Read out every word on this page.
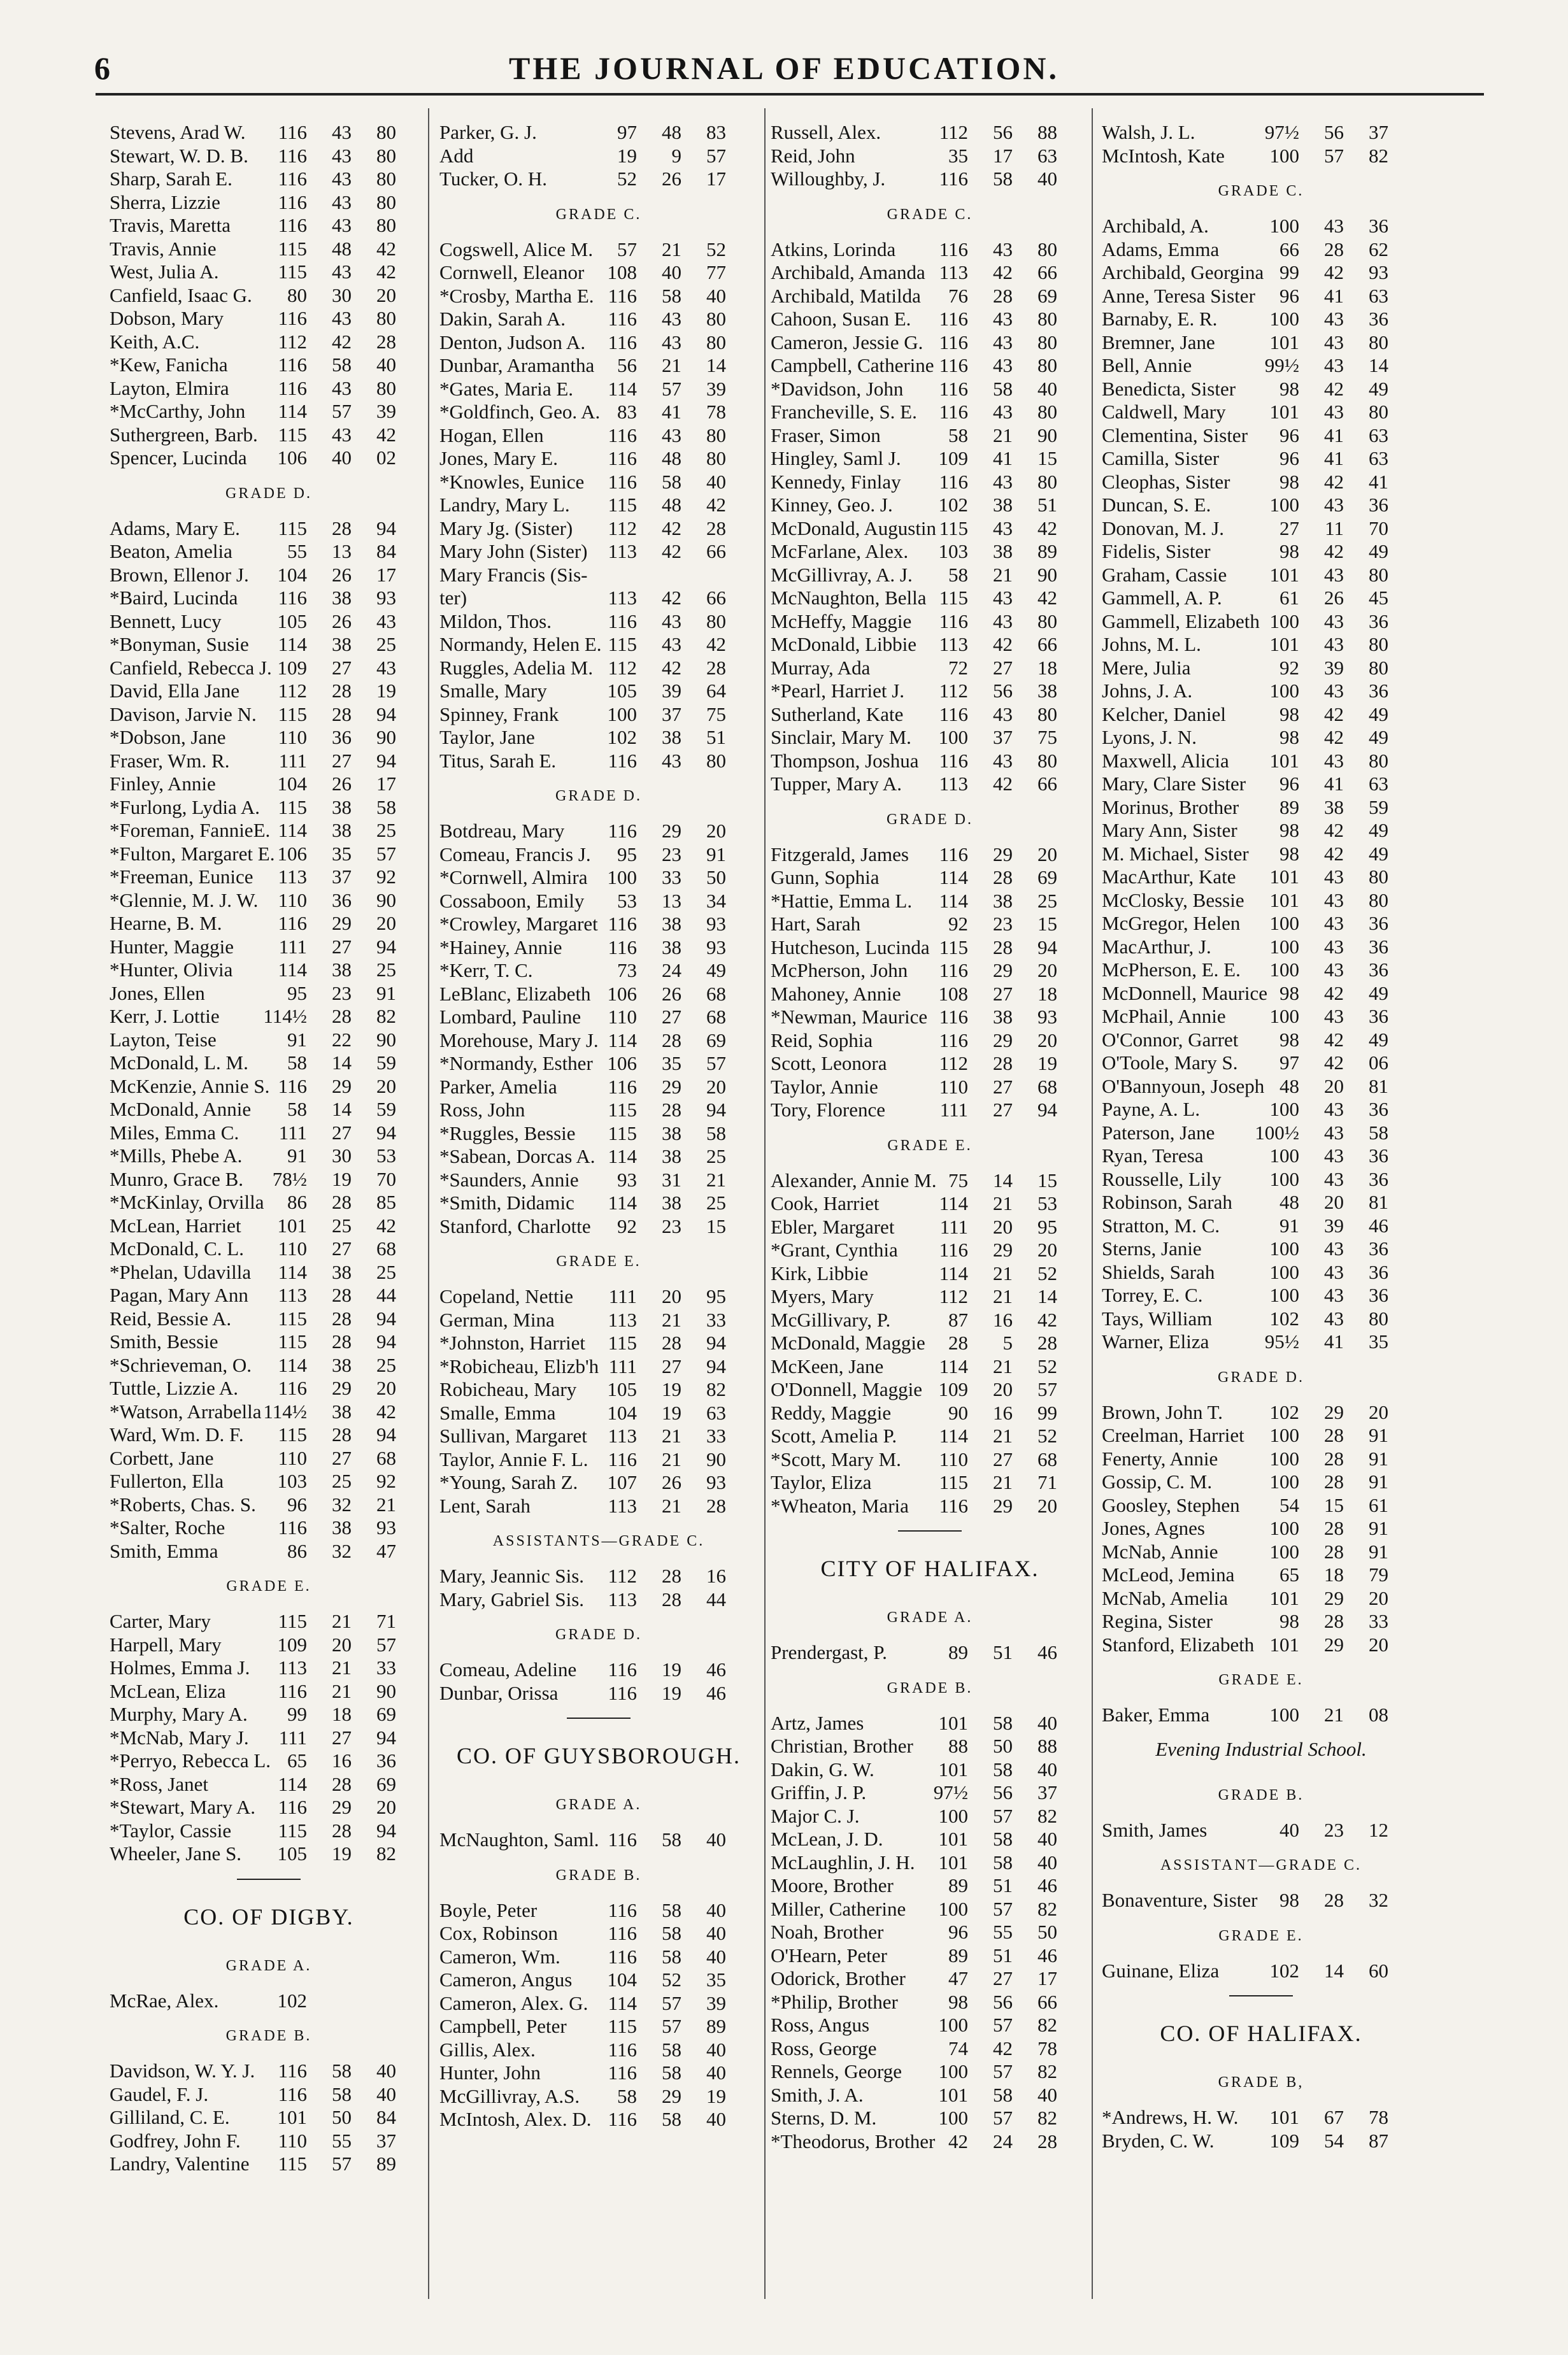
6	THE JOURNAL OF EDUCATION.
Stevens, Arad W. 116 43 80
Stewart, W. D. B. 116 43 80
Sharp, Sarah E. 116 43 80
Sherra, Lizzie	116 43 80
Travis, Maretta 116 43 80
Travis, Annie	115 48 42
West, Julia A.	115 43 42
Canfield, Isaac G. 80 30 20
Dobson, Mary	116 43 80
Keith, A.C.	112 42 28
*Kew, Fanicha	116 58 40
Layton, Elmira 116 43 80
*McCarthy, John 114 57 39
Suthergreen, Barb. 115 43 42
Spencer, Lucinda 106 40 02
GRADE D.
Adams, Mary E. 115 28 94
Beaton, Amelia	55 13 84
Brown, Ellenor J. 104 26 17
*Baird, Lucinda 116 38 93
Bennett, Lucy	105 26 43
*Bonyman, Susie 114 38 25
Canfield, Rebecca J. 109 27 43
David, Ella Jane 112 28 19
Davison, Jarvie N. 115 28 94
*Dobson, Jane	110 36 90
Fraser, Wm. R. 111 27 94
Finley, Annie	104 26 17
*Furlong, Lydia A. 115 38 58
*Foreman, FannieE. 114 38 25
*Fulton, Margaret E. 106 35 57
*Freeman, Eunice 113 37 92
*Glennie, M. J. W. 110 36 90
Hearne, B. M.	116 29 20
Hunter, Maggie 111 27 94
*Hunter, Olivia 114 38 25
Jones, Ellen	95 23 91
Kerr, J. Lottie 114½ 28 82
Layton, Teise	91 22 90
McDonald, L. M. 58 14 59
McKenzie, Annie S. 116 29 20
McDonald, Annie 58 14 59
Miles, Emma C. 111 27 94
*Mills, Phebe A. 91 30 53
Munro, Grace B. 78½ 19 70
*McKinlay, Orvilla 86 28 85
McLean, Harriet 101 25 42
McDonald, C. L. 110 27 68
*Phelan, Udavilla 114 38 25
Pagan, Mary Ann 113 28 44
Reid, Bessie A. 115 28 94
Smith, Bessie	115 28 94
*Schrieveman, O. 114 38 25
Tuttle, Lizzie A. 116 29 20
*Watson, Arrabella 114½ 38 42
Ward, Wm. D. F. 115 28 94
Corbett, Jane	110 27 68
Fullerton, Ella	103 25 92
*Roberts, Chas. S. 96 32 21
*Salter, Roche	116 38 93
Smith, Emma	86 32 47
GRADE E.
Carter, Mary	115 21 71
Harpell, Mary	109 20 57
Holmes, Emma J. 113 21 33
McLean, Eliza	116 21 90
Murphy, Mary A. 99 18 69
*McNab, Mary J. 111 27 94
*Perryo, Rebecca L. 65 16 36
*Ross, Janet	114 28 69
*Stewart, Mary A. 116 29 20
*Taylor, Cassie 115 28 94
Wheeler, Jane S. 105 19 82
CO. OF DIGBY.
GRADE A.
McRae, Alex.	102
GRADE B.
Davidson, W. Y. J. 116 58 40
Gaudel, F. J.	116 58 40
Gilliland, C. E. 101 50 84
Godfrey, John F. 110 55 37
Landry, Valentine 115 57 89
Parker, G. J.	97 48 83
Add	19 9 57
Tucker, O. H.	52 26 17
GRADE C.
Cogswell, Alice M. 57 21 52
Cornwell, Eleanor 108 40 77
*Crosby, Martha E. 116 58 40
Dakin, Sarah A. 116 43 80
Denton, Judson A. 116 43 80
Dunbar, Aramantha 56 21 14
*Gates, Maria E. 114 57 39
*Goldfinch, Geo. A. 83 41 78
Hogan, Ellen	116 43 80
Jones, Mary E.	116 48 80
*Knowles, Eunice 116 58 40
Landry, Mary L. 115 48 42
Mary Jg. (Sister) 112 42 28
Mary John (Sister) 113 42 66
Mary Francis (Sis-
ter)	113 42 66
Mildon, Thos.	116 43 80
Normandy, Helen E. 115 43 42
Ruggles, Adelia M. 112 42 28
Smalle, Mary	105 39 64
Spinney, Frank 100 37 75
Taylor, Jane	102 38 51
Titus, Sarah E.	116 43 80
GRADE D.
Botdreau, Mary 116 29 20
Comeau, Francis J. 95 23 91
*Cornwell, Almira 100 33 50
Cossaboon, Emily 53 13 34
*Crowley, Margaret 116 38 93
*Hainey, Annie 116 38 93
*Kerr, T. C.	73 24 49
LeBlanc, Elizabeth 106 26 68
Lombard, Pauline 110 27 68
Morehouse, Mary J. 114 28 69
*Normandy, Esther 106 35 57
Parker, Amelia	116 29 20
Ross, John	115 28 94
*Ruggles, Bessie 115 38 58
*Sabean, Dorcas A. 114 38 25
*Saunders, Annie 93 31 21
*Smith, Didamic 114 38 25
Stanford, Charlotte 92 23 15
GRADE E.
Copeland, Nettie 111 20 95
German, Mina	113 21 33
*Johnston, Harriet 115 28 94
*Robicheau, Elizb'h 111 27 94
Robicheau, Mary 105 19 82
Smalle, Emma	104 19 63
Sullivan, Margaret 113 21 33
Taylor, Annie F. L. 116 21 90
*Young, Sarah Z. 107 26 93
Lent, Sarah	113 21 28
ASSISTANTS—GRADE C.
Mary, Jeannic Sis. 112 28 16
Mary, Gabriel Sis. 113 28 44
GRADE D.
Comeau, Adeline 116 19 46
Dunbar, Orissa	116 19 46
CO. OF GUYSBOROUGH.
GRADE A.
McNaughton, Saml. 116 58 40
GRADE B.
Boyle, Peter	116 58 40
Cox, Robinson	116 58 40
Cameron, Wm. 116 58 40
Cameron, Angus 104 52 35
Cameron, Alex. G. 114 57 39
Campbell, Peter 115 57 89
Gillis, Alex.	116 58 40
Hunter, John	116 58 40
McGillivray, A.S. 58 29 19
McIntosh, Alex. D. 116 58 40
Russell, Alex.	112 56 88
Reid, John	35 17 63
Willoughby, J.	116 58 40
GRADE C.
Atkins, Lorinda 116 43 80
Archibald, Amanda 113 42 66
Archibald, Matilda 76 28 69
Cahoon, Susan E. 116 43 80
Cameron, Jessie G. 116 43 80
Campbell, Catherine 116 43 80
*Davidson, John 116 58 40
Francheville, S. E. 116 43 80
Fraser, Simon	58 21 90
Hingley, Saml J. 109 41 15
Kennedy, Finlay 116 43 80
Kinney, Geo. J. 102 38 51
McDonald, Augustin 115 43 42
McFarlane, Alex. 103 38 89
McGillivray, A. J. 58 21 90
McNaughton, Bella 115 43 42
McHeffy, Maggie 116 43 80
McDonald, Libbie 113 42 66
Murray, Ada	72 27 18
*Pearl, Harriet J. 112 56 38
Sutherland, Kate 116 43 80
Sinclair, Mary M. 100 37 75
Thompson, Joshua 116 43 80
Tupper, Mary A. 113 42 66
GRADE D.
Fitzgerald, James 116 29 20
Gunn, Sophia	114 28 69
*Hattie, Emma L. 114 38 25
Hart, Sarah	92 23 15
Hutcheson, Lucinda 115 28 94
McPherson, John 116 29 20
Mahoney, Annie 108 27 18
*Newman, Maurice 116 38 93
Reid, Sophia	116 29 20
Scott, Leonora	112 28 19
Taylor, Annie	110 27 68
Tory, Florence	111 27 94
GRADE E.
Alexander, Annie M. 75 14 15
Cook, Harriet	114 21 53
Ebler, Margaret 111 20 95
*Grant, Cynthia 116 29 20
Kirk, Libbie	114 21 52
Myers, Mary	112 21 14
McGillivary, P.	87 16 42
McDonald, Maggie 28 5 28
McKeen, Jane	114 21 52
O'Donnell, Maggie 109 20 57
Reddy, Maggie	90 16 99
Scott, Amelia P. 114 21 52
*Scott, Mary M. 110 27 68
Taylor, Eliza	115 21 71
*Wheaton, Maria 116 29 20
CITY OF HALIFAX.
GRADE A.
Prendergast, P.	89 51 46
GRADE B.
Artz, James	101 58 40
Christian, Brother 88 50 88
Dakin, G. W.	101 58 40
Griffin, J. P.	97½ 56 37
Major C. J.	100 57 82
McLean, J. D.	101 58 40
McLaughlin, J. H. 101 58 40
Moore, Brother	89 51 46
Miller, Catherine 100 57 82
Noah, Brother	96 55 50
O'Hearn, Peter	89 51 46
Odorick, Brother 47 27 17
*Philip, Brother	98 56 66
Ross, Angus	100 57 82
Ross, George	74 42 78
Rennels, George 100 57 82
Smith, J. A.	101 58 40
Sterns, D. M.	100 57 82
*Theodorus, Brother 42 24 28
Walsh, J. L.	97½ 56 37
McIntosh, Kate 100 57 82
GRADE C.
Archibald, A.	100 43 36
Adams, Emma	66 28 62
Archibald, Georgina 99 42 93
Anne, Teresa Sister 96 41 63
Barnaby, E. R.	100 43 36
Bremner, Jane	101 43 80
Bell, Annie	99½ 43 14
Benedicta, Sister 98 42 49
Caldwell, Mary 101 43 80
Clementina, Sister 96 41 63
Camilla, Sister	96 41 63
Cleophas, Sister	98 42 41
Duncan, S. E.	100 43 36
Donovan, M. J.	27 11 70
Fidelis, Sister	98 42 49
Graham, Cassie 101 43 80
Gammell, A. P.	61 26 45
Gammell, Elizabeth 100 43 36
Johns, M. L.	101 43 80
Mere, Julia	92 39 80
Johns, J. A.	100 43 36
Kelcher, Daniel	98 42 49
Lyons, J. N.	98 42 49
Maxwell, Alicia 101 43 80
Mary, Clare Sister 96 41 63
Morinus, Brother 89 38 59
Mary Ann, Sister 98 42 49
M. Michael, Sister 98 42 49
MacArthur, Kate 101 43 80
McClosky, Bessie 101 43 80
McGregor, Helen 100 43 36
MacArthur, J.	100 43 36
McPherson, E. E. 100 43 36
McDonnell, Maurice 98 42 49
McPhail, Annie 100 43 36
O'Connor, Garret 98 42 49
O'Toole, Mary S. 97 42 06
O'Bannyoun, Joseph 48 20 81
Payne, A. L.	100 43 36
Paterson, Jane 100½ 43 58
Ryan, Teresa	100 43 36
Rousselle, Lily 100 43 36
Robinson, Sarah 48 20 81
Stratton, M. C.	91 39 46
Sterns, Janie	100 43 36
Shields, Sarah	100 43 36
Torrey, E. C.	100 43 36
Tays, William	102 43 80
Warner, Eliza	95½ 41 35
GRADE D.
Brown, John T. 102 29 20
Creelman, Harriet 100 28 91
Fenerty, Annie	100 28 91
Gossip, C. M.	100 28 91
Goosley, Stephen 54 15 61
Jones, Agnes	100 28 91
McNab, Annie	100 28 91
McLeod, Jemina 65 18 79
McNab, Amelia 101 29 20
Regina, Sister	98 28 33
Stanford, Elizabeth 101 29 20
GRADE E.
Baker, Emma	100 21 08
Evening Industrial School.
GRADE B.
Smith, James	40 23 12
ASSISTANT—GRADE C.
Bonaventure, Sister 98 28 32
GRADE E.
Guinane, Eliza	102 14 60
CO. OF HALIFAX.
GRADE B,
*Andrews, H. W. 101 67 78
Bryden, C. W.	109 54 87
